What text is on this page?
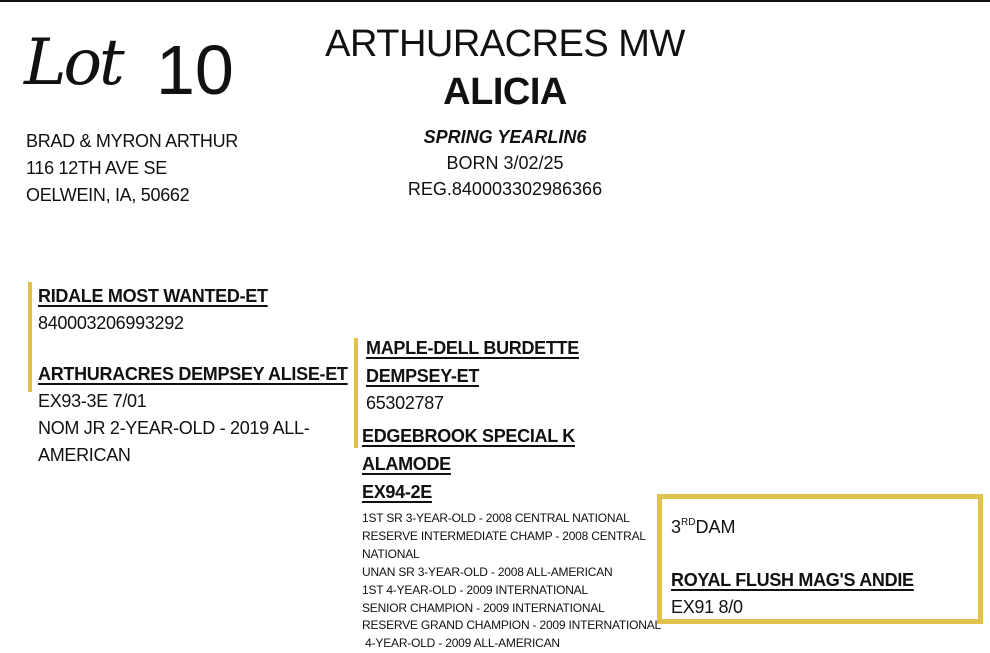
Lot 10
BRAD & MYRON ARTHUR
116 12TH AVE SE
OELWEIN, IA, 50662
ARTHURACRES MW ALICIA
SPRING YEARLIN6
BORN 3/02/25
REG.840003302986366
RIDALE MOST WANTED-ET
840003206993292
ARTHURACRES DEMPSEY ALISE-ET
EX93-3E 7/01
NOM JR 2-YEAR-OLD - 2019 ALL-AMERICAN
MAPLE-DELL BURDETTE DEMPSEY-ET
65302787
EDGEBROOK SPECIAL K ALAMODE
EX94-2E
1ST SR 3-YEAR-OLD - 2008 CENTRAL NATIONAL
RESERVE INTERMEDIATE CHAMP - 2008 CENTRAL NATIONAL
UNAN SR 3-YEAR-OLD - 2008 ALL-AMERICAN
1ST 4-YEAR-OLD - 2009 INTERNATIONAL
SENIOR CHAMPION - 2009 INTERNATIONAL
RESERVE GRAND CHAMPION - 2009 INTERNATIONAL
4-YEAR-OLD - 2009 ALL-AMERICAN
3RDDAM
ROYAL FLUSH MAG'S ANDIE
EX91 8/0
